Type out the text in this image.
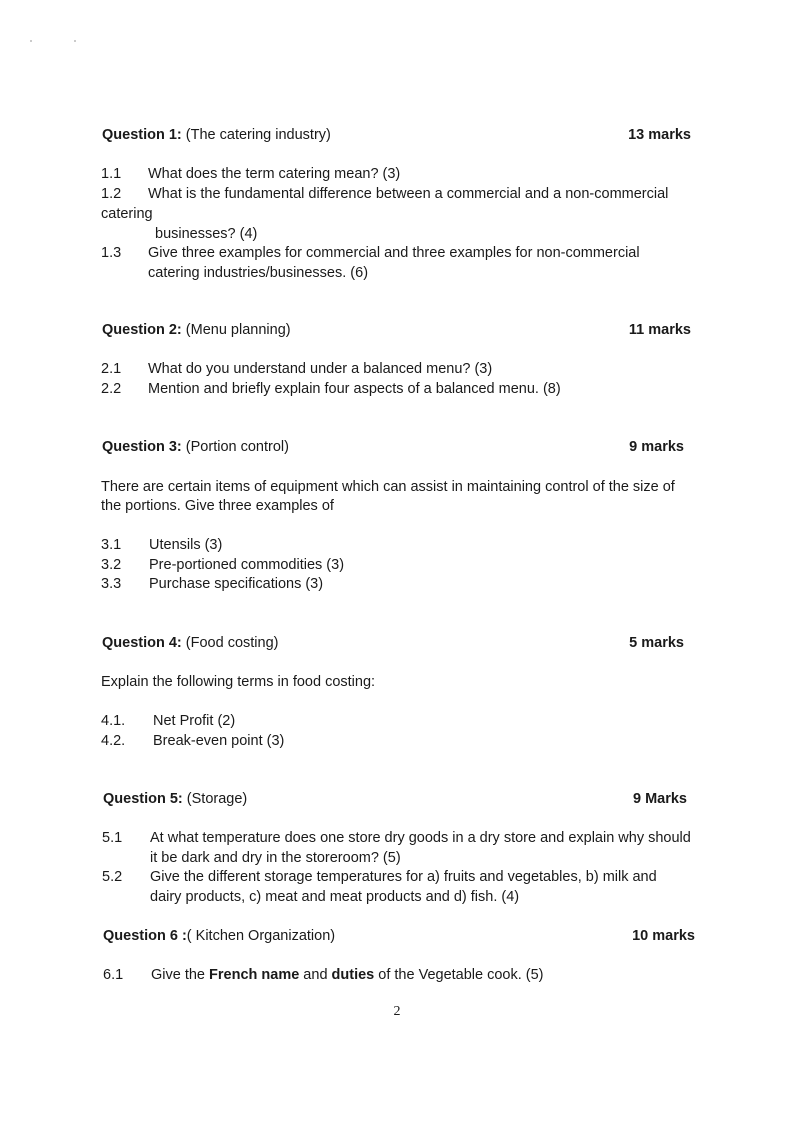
Question 1: (The catering industry)	13 marks
1.1 What does the term catering mean? (3)
1.2 What is the fundamental difference between a commercial and a non-commercial
catering
businesses? (4)
1.3 Give three examples for commercial and three examples for non-commercial
catering industries/businesses. (6)
Question 2: (Menu planning)	11 marks
2.1 What do you understand under a balanced menu? (3)
2.2 Mention and briefly explain four aspects of a balanced menu. (8)
Question 3: (Portion control)	9 marks
There are certain items of equipment which can assist in maintaining control of the size of
the portions. Give three examples of
3.1 Utensils (3)
3.2 Pre-portioned commodities (3)
3.3 Purchase specifications (3)
Question 4: (Food costing)	5 marks
Explain the following terms in food costing:
4.1. Net Profit (2)
4.2. Break-even point (3)
Question 5: (Storage)	9 Marks
5.1 At what temperature does one store dry goods in a dry store and explain why should
it be dark and dry in the storeroom? (5)
5.2 Give the different storage temperatures for a) fruits and vegetables, b) milk and
dairy products, c) meat and meat products and d) fish. (4)
Question 6 :( Kitchen Organization)	10 marks
6.1 Give the French name and duties of the Vegetable cook. (5)
2
